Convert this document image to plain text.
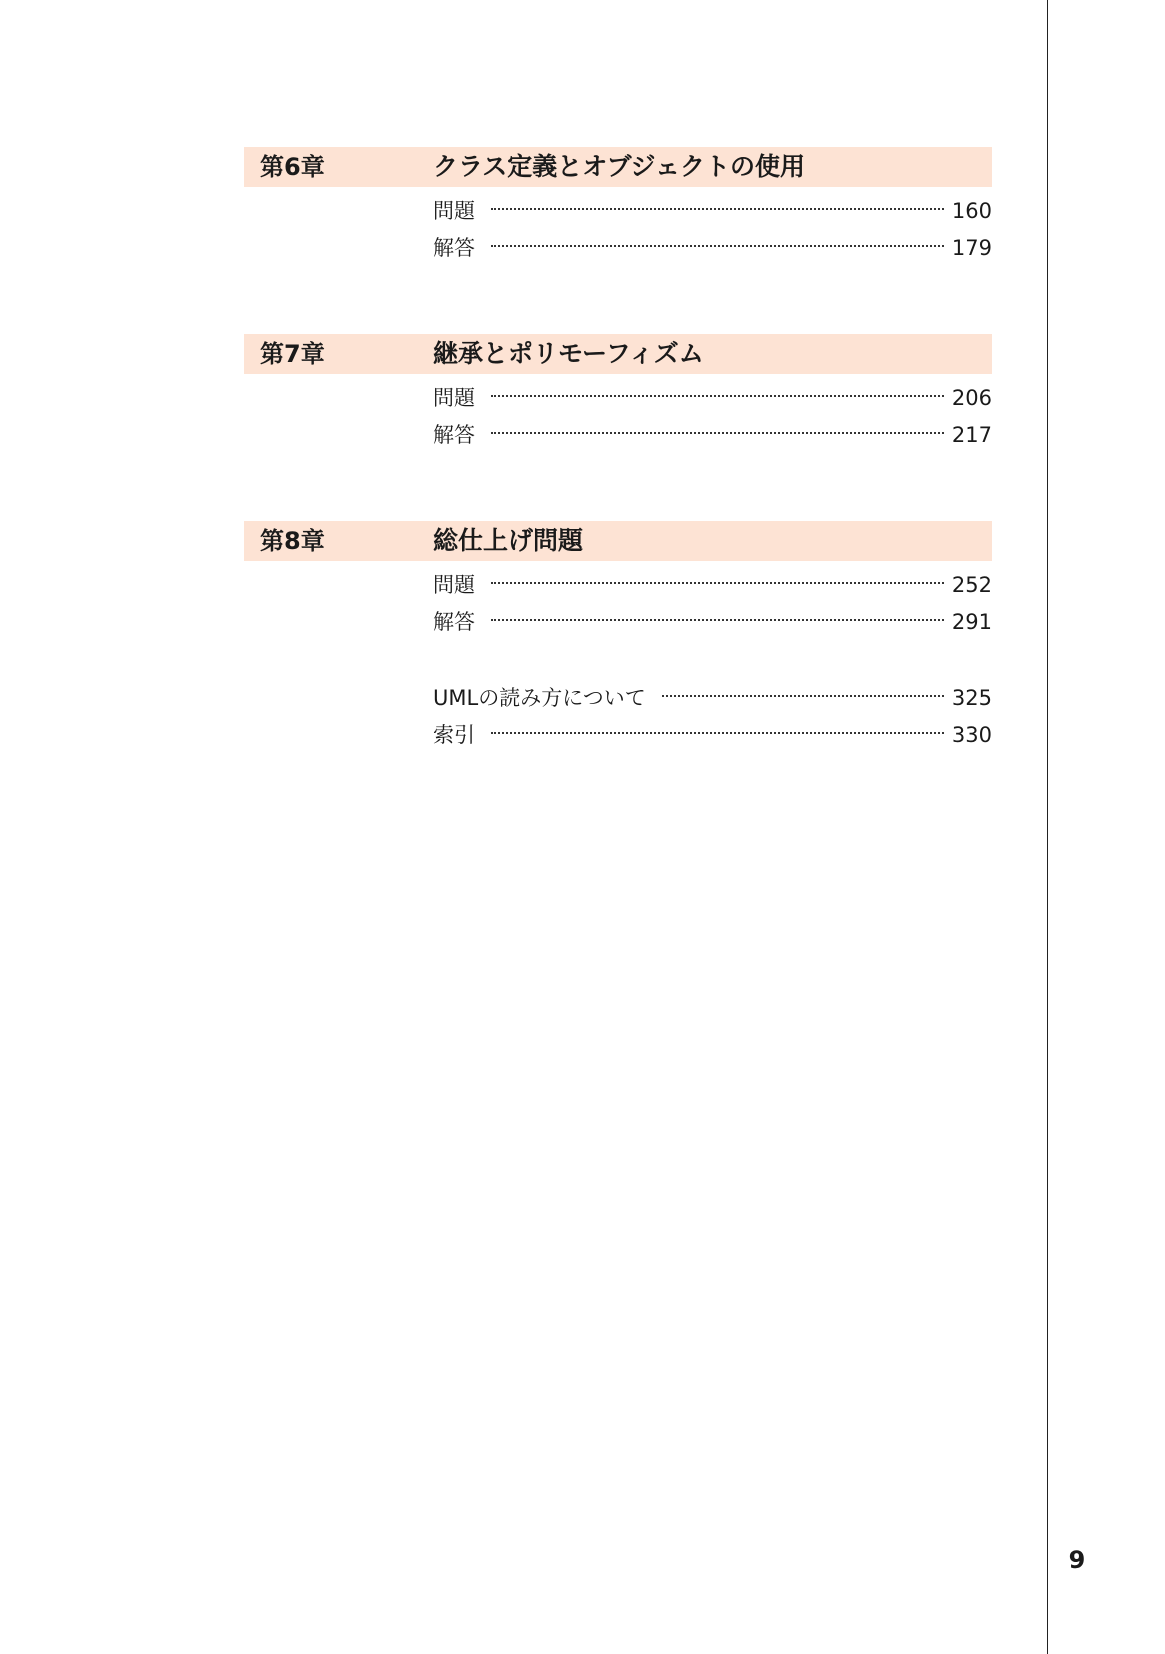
第6章	クラス定義とオブジェクトの使用
問題	160
解答	179
第7章	継承とポリモーフィズム
問題	206
解答	217
第8章	総仕上げ問題
問題	252
解答	291
UMLの読み方について	325
索引	330
9
